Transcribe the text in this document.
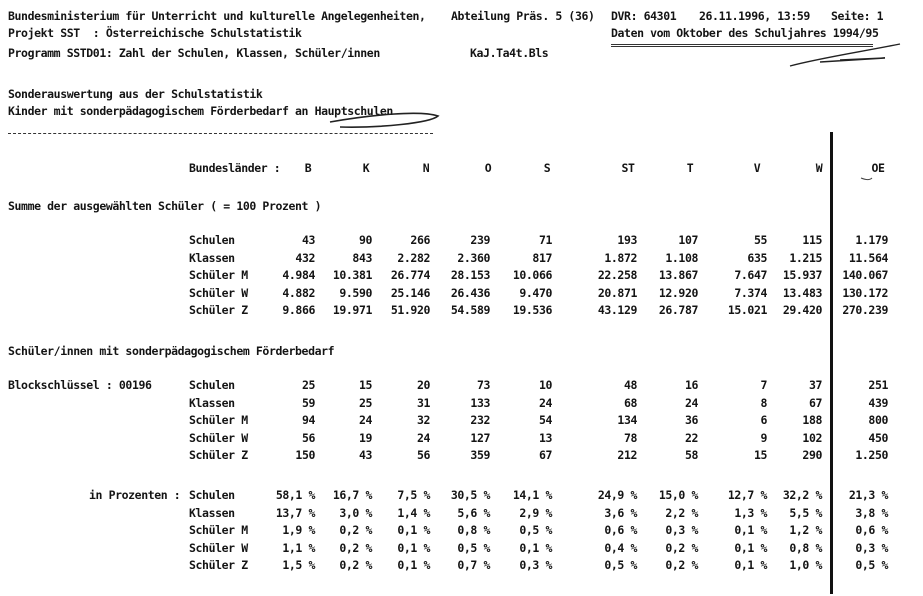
Bundesministerium für Unterricht und kulturelle Angelegenheiten, Abteilung Präs. 5 (36) DVR: 64301 26.11.1996, 13:59 Seite: 1
Projekt SST  : Österreichische Schulstatistik	Daten vom Oktober des Schuljahres 1994/95
Programm SSTD01: Zahl der Schulen, Klassen, Schüler/innen	KaJ.Ta4t.Bls
Sonderauswertung aus der Schulstatistik
Kinder mit sonderpädagogischem Förderbedarf an Hauptschulen
Bundesländer :	B	K	N	O	S	ST	T	V	W	OE
Summe der ausgewählten Schüler ( = 100 Prozent )
Schulen	43	90	266	239	71	193	107	55	115	1.179
Klassen	432	843	2.282	2.360	817	1.872	1.108	635	1.215	11.564
Schüler M	4.984	10.381	26.774	28.153	10.066	22.258	13.867	7.647	15.937	140.067
Schüler W	4.882	9.590	25.146	26.436	9.470	20.871	12.920	7.374	13.483	130.172
Schüler Z	9.866	19.971	51.920	54.589	19.536	43.129	26.787	15.021	29.420	270.239
Schüler/innen mit sonderpädagogischem Förderbedarf
Blockschlüssel : 00196	Schulen	25	15	20	73	10	48	16	7	37	251
Klassen	59	25	31	133	24	68	24	8	67	439
Schüler M	94	24	32	232	54	134	36	6	188	800
Schüler W	56	19	24	127	13	78	22	9	102	450
Schüler Z	150	43	56	359	67	212	58	15	290	1.250
in Prozenten : Schulen	58,1 %	16,7 %	7,5 %	30,5 %	14,1 %	24,9 %	15,0 %	12,7 %	32,2 %	21,3 %
Klassen	13,7 %	3,0 %	1,4 %	5,6 %	2,9 %	3,6 %	2,2 %	1,3 %	5,5 %	3,8 %
Schüler M	1,9 %	0,2 %	0,1 %	0,8 %	0,5 %	0,6 %	0,3 %	0,1 %	1,2 %	0,6 %
Schüler W	1,1 %	0,2 %	0,1 %	0,5 %	0,1 %	0,4 %	0,2 %	0,1 %	0,8 %	0,3 %
Schüler Z	1,5 %	0,2 %	0,1 %	0,7 %	0,3 %	0,5 %	0,2 %	0,1 %	1,0 %	0,5 %
